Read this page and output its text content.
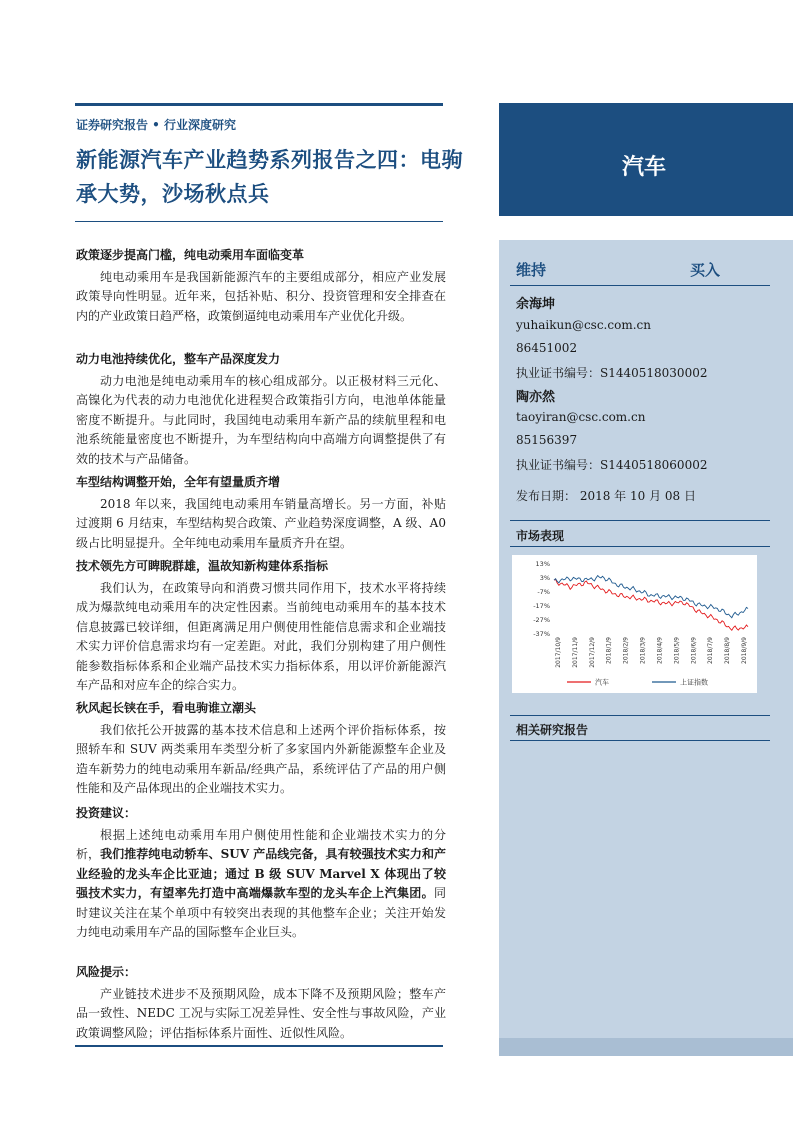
证券研究报告 • 行业深度研究
新能源汽车产业趋势系列报告之四：电驹承大势，沙场秋点兵
汽车
维持	买入
余海坤
yuhaikun@csc.com.cn
86451002
执业证书编号：S1440518030002
陶亦然
taoyiran@csc.com.cn
85156397
执业证书编号：S1440518060002
发布日期： 2018 年 10 月 08 日
市场表现
13%
3%
-7%
-17%
-27%
-37%
2017/10/9 2017/11/9 2017/12/9 2018/1/9 2018/2/9 2018/3/9 2018/4/9 2018/5/9 2018/6/9 2018/7/9 2018/8/9 2018/9/9
汽车	上证指数
相关研究报告
政策逐步提高门槛，纯电动乘用车面临变革
纯电动乘用车是我国新能源汽车的主要组成部分，相应产业发展政策导向性明显。近年来，包括补贴、积分、投资管理和安全排查在内的产业政策日趋严格，政策倒逼纯电动乘用车产业优化升级。
动力电池持续优化，整车产品深度发力
动力电池是纯电动乘用车的核心组成部分。以正极材料三元化、高镍化为代表的动力电池优化进程契合政策指引方向，电池单体能量密度不断提升。与此同时，我国纯电动乘用车新产品的续航里程和电池系统能量密度也不断提升，为车型结构向中高端方向调整提供了有效的技术与产品储备。
车型结构调整开始，全年有望量质齐增
2018 年以来，我国纯电动乘用车销量高增长。另一方面，补贴过渡期 6 月结束，车型结构契合政策、产业趋势深度调整，A 级、A0 级占比明显提升。全年纯电动乘用车量质齐升在望。
技术领先方可睥睨群雄，温故知新构建体系指标
我们认为，在政策导向和消费习惯共同作用下，技术水平将持续成为爆款纯电动乘用车的决定性因素。当前纯电动乘用车的基本技术信息披露已较详细，但距离满足用户侧使用性能信息需求和企业端技术实力评价信息需求均有一定差距。对此，我们分别构建了用户侧性能参数指标体系和企业端产品技术实力指标体系，用以评价新能源汽车产品和对应车企的综合实力。
秋风起长铗在手，看电驹谁立潮头
我们依托公开披露的基本技术信息和上述两个评价指标体系，按照轿车和 SUV 两类乘用车类型分析了多家国内外新能源整车企业及造车新势力的纯电动乘用车新品/经典产品，系统评估了产品的用户侧性能和及产品体现出的企业端技术实力。
投资建议：
根据上述纯电动乘用车用户侧使用性能和企业端技术实力的分析，我们推荐纯电动轿车、SUV 产品线完备，具有较强技术实力和产业经验的龙头车企比亚迪；通过 B 级 SUV Marvel X 体现出了较强技术实力，有望率先打造中高端爆款车型的龙头车企上汽集团。同时建议关注在某个单项中有较突出表现的其他整车企业；关注开始发力纯电动乘用车产品的国际整车企业巨头。
风险提示：
产业链技术进步不及预期风险，成本下降不及预期风险；整车产品一致性、NEDC 工况与实际工况差异性、安全性与事故风险，产业政策调整风险；评估指标体系片面性、近似性风险。
